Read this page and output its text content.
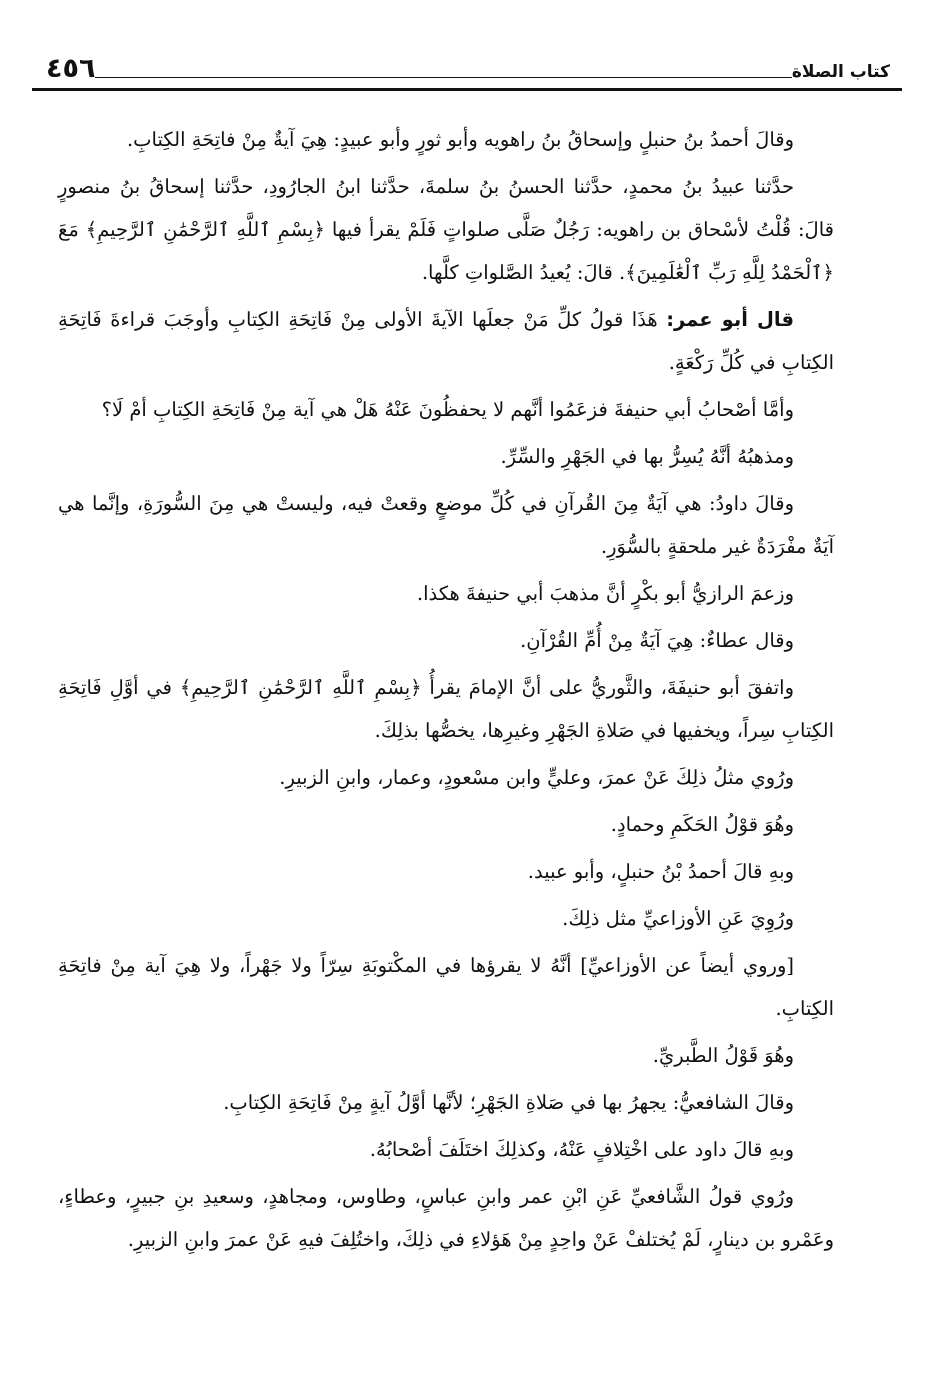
كتاب الصلاة
٤٥٦

وقالَ أحمدُ بنُ حنبلٍ وإسحاقُ بنُ راهويه وأبو ثورٍ وأبو عبيدٍ: هِيَ آيةٌ مِنْ فاتِحَةِ الكِتابِ.

حدَّثنا عبيدُ بنُ محمدٍ، حدَّثنا الحسنُ بنُ سلمةَ، حدَّثنا ابنُ الجارُودِ، حدَّثنا إسحاقُ بنُ منصورٍ قالَ: قُلْتُ لأسْحاق بن راهويه: رَجُلٌ صَلَّى صلواتٍ فَلَمْ يقرأ فيها ﴿بِسْمِ ٱللَّهِ ٱلرَّحْمَٰنِ ٱلرَّحِيمِ﴾ مَعَ ﴿ٱلْحَمْدُ لِلَّهِ رَبِّ ٱلْعَٰلَمِينَ﴾. قالَ: يُعيدُ الصَّلواتِ كلَّها.

قال أبو عمر: هَذَا قولُ كلِّ مَنْ جعلَها الآيةَ الأولى مِنْ فَاتِحَةِ الكِتابِ وأوجَبَ قراءةَ فَاتِحَةِ الكِتابِ في كُلِّ رَكْعَةٍ.

وأمَّا أصْحابُ أبي حنيفةَ فزعَمُوا أنَّهم لا يحفظُونَ عَنْهُ هَلْ هي آية مِنْ فَاتِحَةِ الكِتابِ أمْ لَا؟

ومذهبُهُ أنَّهُ يُسِرُّ بها في الجَهْرِ والسِّرِّ.

وقالَ داودُ: هي آيَةٌ مِنَ القُرآنِ في كُلِّ موضعٍ وقعتْ فيه، وليستْ هي مِنَ السُّورَةِ، وإنَّما هي آيَةٌ مفْرَدَةٌ غير ملحقةٍ بالسُّوَرِ.

وزعمَ الرازيُّ أبو بكْرٍ أنَّ مذهبَ أبي حنيفةَ هكذا.

وقال عطاءٌ: هِيَ آيَةٌ مِنْ أُمِّ القُرْآنِ.

واتفقَ أبو حنيفَةَ، والثَّوريُّ على أنَّ الإمامَ يقرأُ ﴿بِسْمِ ٱللَّهِ ٱلرَّحْمَٰنِ ٱلرَّحِيمِ﴾ في أوَّلِ فَاتِحَةِ الكِتابِ سِراً، ويخفيها في صَلاةِ الجَهْرِ وغيرِها، يخصُّها بذلِكَ.

ورُوي مثلُ ذلِكَ عَنْ عمرَ، وعليٍّ وابن مسْعودٍ، وعمار، وابنِ الزبيرِ.

وهُوَ قوْلُ الحَكَمِ وحمادٍ.

وبهِ قالَ أحمدُ بْنُ حنبلٍ، وأبو عبيد.

ورُوِيَ عَنِ الأوزاعيِّ مثل ذلِكَ.

[وروي أيضاً عن الأوزاعيِّ] أنَّهُ لا يقرؤها في المكْتوبَةِ سِرّاً ولا جَهْراً، ولا هِيَ آية مِنْ فاتِحَةِ الكِتابِ.

وهُوَ قَوْلُ الطَّبريِّ.

وقالَ الشافعيُّ: يجهرُ بها في صَلاةِ الجَهْرِ؛ لأنَّها أوَّلُ آيةٍ مِنْ فَاتِحَةِ الكِتابِ.

وبهِ قالَ داود على اخْتِلافٍ عَنْهُ، وكذلِكَ اختَلَفَ أصْحابُهُ.

ورُوي قولُ الشَّافعيِّ عَنِ ابْنِ عمر وابنِ عباسٍ، وطاوس، ومجاهدٍ، وسعيدِ بنِ جبيرٍ، وعطاءٍ، وعَمْرو بن دينارٍ، لَمْ يُختلفْ عَنْ واحِدٍ مِنْ هَؤلاءِ في ذلِكَ، واختُلِفَ فيهِ عَنْ عمرَ وابنِ الزبيرِ.
